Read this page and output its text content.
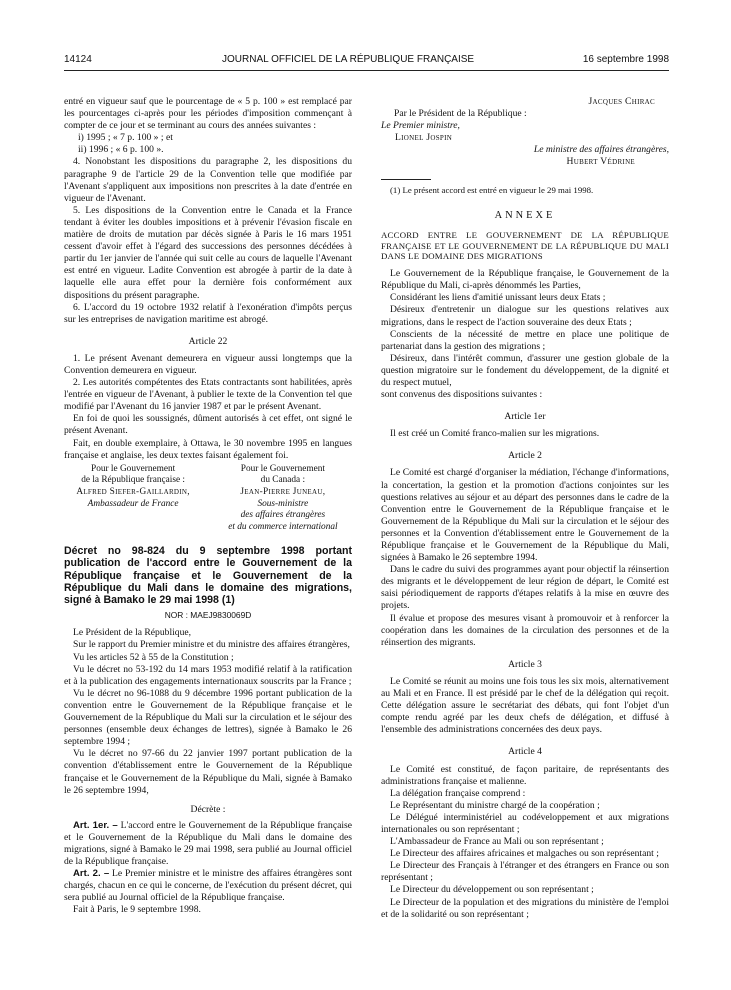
14124	JOURNAL OFFICIEL DE LA RÉPUBLIQUE FRANÇAISE	16 septembre 1998

entré en vigueur sauf que le pourcentage de « 5 p. 100 » est remplacé par les pourcentages ci-après pour les périodes d'imposition commençant à compter de ce jour et se terminant au cours des années suivantes :

i) 1995 ; « 7 p. 100 » ; et

ii) 1996 ; « 6 p. 100 ».

4. Nonobstant les dispositions du paragraphe 2, les dispositions du paragraphe 9 de l'article 29 de la Convention telle que modifiée par l'Avenant s'appliquent aux impositions non prescrites à la date d'entrée en vigueur de l'Avenant.

5. Les dispositions de la Convention entre le Canada et la France tendant à éviter les doubles impositions et à prévenir l'évasion fiscale en matière de droits de mutation par décès signée à Paris le 16 mars 1951 cessent d'avoir effet à l'égard des successions des personnes décédées à partir du 1er janvier de l'année qui suit celle au cours de laquelle l'Avenant est entré en vigueur. Ladite Convention est abrogée à partir de la date à laquelle elle aura effet pour la dernière fois conformément aux dispositions du présent paragraphe.

6. L'accord du 19 octobre 1932 relatif à l'exonération d'impôts perçus sur les entreprises de navigation maritime est abrogé.

Article 22

1. Le présent Avenant demeurera en vigueur aussi longtemps que la Convention demeurera en vigueur.

2. Les autorités compétentes des Etats contractants sont habilitées, après l'entrée en vigueur de l'Avenant, à publier le texte de la Convention tel que modifié par l'Avenant du 16 janvier 1987 et par le présent Avenant.

En foi de quoi les soussignés, dûment autorisés à cet effet, ont signé le présent Avenant.

Fait, en double exemplaire, à Ottawa, le 30 novembre 1995 en langues française et anglaise, les deux textes faisant également foi.

Pour le Gouvernement
de la République française :
Alfred Siefer-Gaillardin,
Ambassadeur de France
Pour le Gouvernement
du Canada :
Jean-Pierre Juneau,
Sous-ministre
des affaires étrangères
et du commerce international
Décret no 98-824 du 9 septembre 1998 portant publication de l'accord entre le Gouvernement de la République française et le Gouvernement de la République du Mali dans le domaine des migrations, signé à Bamako le 29 mai 1998 (1)
NOR : MAEJ9830069D

Le Président de la République,

Sur le rapport du Premier ministre et du ministre des affaires étrangères,

Vu les articles 52 à 55 de la Constitution ;

Vu le décret no 53-192 du 14 mars 1953 modifié relatif à la ratification et à la publication des engagements internationaux souscrits par la France ;

Vu le décret no 96-1088 du 9 décembre 1996 portant publication de la convention entre le Gouvernement de la République française et le Gouvernement de la République du Mali sur la circulation et le séjour des personnes (ensemble deux échanges de lettres), signée à Bamako le 26 septembre 1994 ;

Vu le décret no 97-66 du 22 janvier 1997 portant publication de la convention d'établissement entre le Gouvernement de la République française et le Gouvernement de la République du Mali, signée à Bamako le 26 septembre 1994,

Décrète :

Art. 1er. – L'accord entre le Gouvernement de la République française et le Gouvernement de la République du Mali dans le domaine des migrations, signé à Bamako le 29 mai 1998, sera publié au Journal officiel de la République française.

Art. 2. – Le Premier ministre et le ministre des affaires étrangères sont chargés, chacun en ce qui le concerne, de l'exécution du présent décret, qui sera publié au Journal officiel de la République française.

Fait à Paris, le 9 septembre 1998.

Jacques Chirac

Par le Président de la République :

Le Premier ministre,

Lionel Jospin

Le ministre des affaires étrangères,

Hubert Védrine

(1) Le présent accord est entré en vigueur le 29 mai 1998.

ANNEXE
ACCORD ENTRE LE GOUVERNEMENT DE LA RÉPUBLIQUE FRANÇAISE ET LE GOUVERNEMENT DE LA RÉPUBLIQUE DU MALI DANS LE DOMAINE DES MIGRATIONS

Le Gouvernement de la République française, le Gouvernement de la République du Mali, ci-après dénommés les Parties,

Considérant les liens d'amitié unissant leurs deux Etats ;

Désireux d'entretenir un dialogue sur les questions relatives aux migrations, dans le respect de l'action souveraine des deux Etats ;

Conscients de la nécessité de mettre en place une politique de partenariat dans la gestion des migrations ;

Désireux, dans l'intérêt commun, d'assurer une gestion globale de la question migratoire sur le fondement du développement, de la dignité et du respect mutuel,

sont convenus des dispositions suivantes :

Article 1er

Il est créé un Comité franco-malien sur les migrations.

Article 2

Le Comité est chargé d'organiser la médiation, l'échange d'informations, la concertation, la gestion et la promotion d'actions conjointes sur les questions relatives au séjour et au départ des personnes dans le cadre de la Convention entre le Gouvernement de la République française et le Gouvernement de la République du Mali sur la circulation et le séjour des personnes et la Convention d'établissement entre le Gouvernement de la République française et le Gouvernement de la République du Mali, signées à Bamako le 26 septembre 1994.

Dans le cadre du suivi des programmes ayant pour objectif la réinsertion des migrants et le développement de leur région de départ, le Comité est saisi périodiquement de rapports d'étapes relatifs à la mise en œuvre des projets.

Il évalue et propose des mesures visant à promouvoir et à renforcer la coopération dans les domaines de la circulation des personnes et de la réinsertion des migrants.

Article 3

Le Comité se réunit au moins une fois tous les six mois, alternativement au Mali et en France. Il est présidé par le chef de la délégation qui reçoit. Cette délégation assure le secrétariat des débats, qui font l'objet d'un compte rendu agréé par les deux chefs de délégation, et diffusé à l'ensemble des administrations concernées des deux pays.

Article 4

Le Comité est constitué, de façon paritaire, de représentants des administrations française et malienne.

La délégation française comprend :

Le Représentant du ministre chargé de la coopération ;

Le Délégué interministériel au codéveloppement et aux migrations internationales ou son représentant ;

L'Ambassadeur de France au Mali ou son représentant ;

Le Directeur des affaires africaines et malgaches ou son représentant ;

Le Directeur des Français à l'étranger et des étrangers en France ou son représentant ;

Le Directeur du développement ou son représentant ;

Le Directeur de la population et des migrations du ministère de l'emploi et de la solidarité ou son représentant ;
